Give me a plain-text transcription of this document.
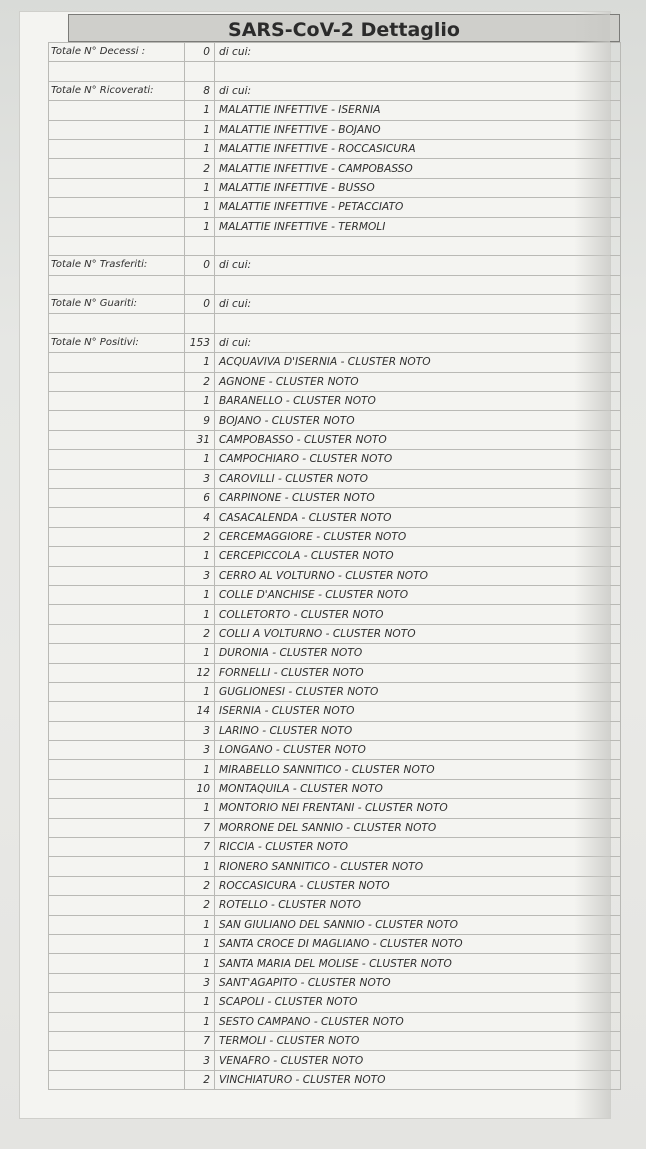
SARS-CoV-2 Dettaglio
Totale N° Decessi :	0	di cui:

Totale N° Ricoverati:	8	di cui:
	1	MALATTIE INFETTIVE - ISERNIA
	1	MALATTIE INFETTIVE - BOJANO
	1	MALATTIE INFETTIVE - ROCCASICURA
	2	MALATTIE INFETTIVE - CAMPOBASSO
	1	MALATTIE INFETTIVE - BUSSO
	1	MALATTIE INFETTIVE - PETACCIATO
	1	MALATTIE INFETTIVE - TERMOLI

Totale N° Trasferiti:	0	di cui:

Totale N° Guariti:	0	di cui:

Totale N° Positivi:	153	di cui:
	1	ACQUAVIVA D'ISERNIA - CLUSTER NOTO
	2	AGNONE - CLUSTER NOTO
	1	BARANELLO - CLUSTER NOTO
	9	BOJANO - CLUSTER NOTO
	31	CAMPOBASSO - CLUSTER NOTO
	1	CAMPOCHIARO - CLUSTER NOTO
	3	CAROVILLI - CLUSTER NOTO
	6	CARPINONE - CLUSTER NOTO
	4	CASACALENDA - CLUSTER NOTO
	2	CERCEMAGGIORE - CLUSTER NOTO
	1	CERCEPICCOLA - CLUSTER NOTO
	3	CERRO AL VOLTURNO - CLUSTER NOTO
	1	COLLE D'ANCHISE - CLUSTER NOTO
	1	COLLETORTO - CLUSTER NOTO
	2	COLLI A VOLTURNO - CLUSTER NOTO
	1	DURONIA - CLUSTER NOTO
	12	FORNELLI - CLUSTER NOTO
	1	GUGLIONESI - CLUSTER NOTO
	14	ISERNIA - CLUSTER NOTO
	3	LARINO - CLUSTER NOTO
	3	LONGANO - CLUSTER NOTO
	1	MIRABELLO SANNITICO - CLUSTER NOTO
	10	MONTAQUILA - CLUSTER NOTO
	1	MONTORIO NEI FRENTANI - CLUSTER NOTO
	7	MORRONE DEL SANNIO - CLUSTER NOTO
	7	RICCIA - CLUSTER NOTO
	1	RIONERO SANNITICO - CLUSTER NOTO
	2	ROCCASICURA - CLUSTER NOTO
	2	ROTELLO - CLUSTER NOTO
	1	SAN GIULIANO DEL SANNIO - CLUSTER NOTO
	1	SANTA CROCE DI MAGLIANO - CLUSTER NOTO
	1	SANTA MARIA DEL MOLISE - CLUSTER NOTO
	3	SANT'AGAPITO - CLUSTER NOTO
	1	SCAPOLI - CLUSTER NOTO
	1	SESTO CAMPANO - CLUSTER NOTO
	7	TERMOLI - CLUSTER NOTO
	3	VENAFRO - CLUSTER NOTO
	2	VINCHIATURO - CLUSTER NOTO
